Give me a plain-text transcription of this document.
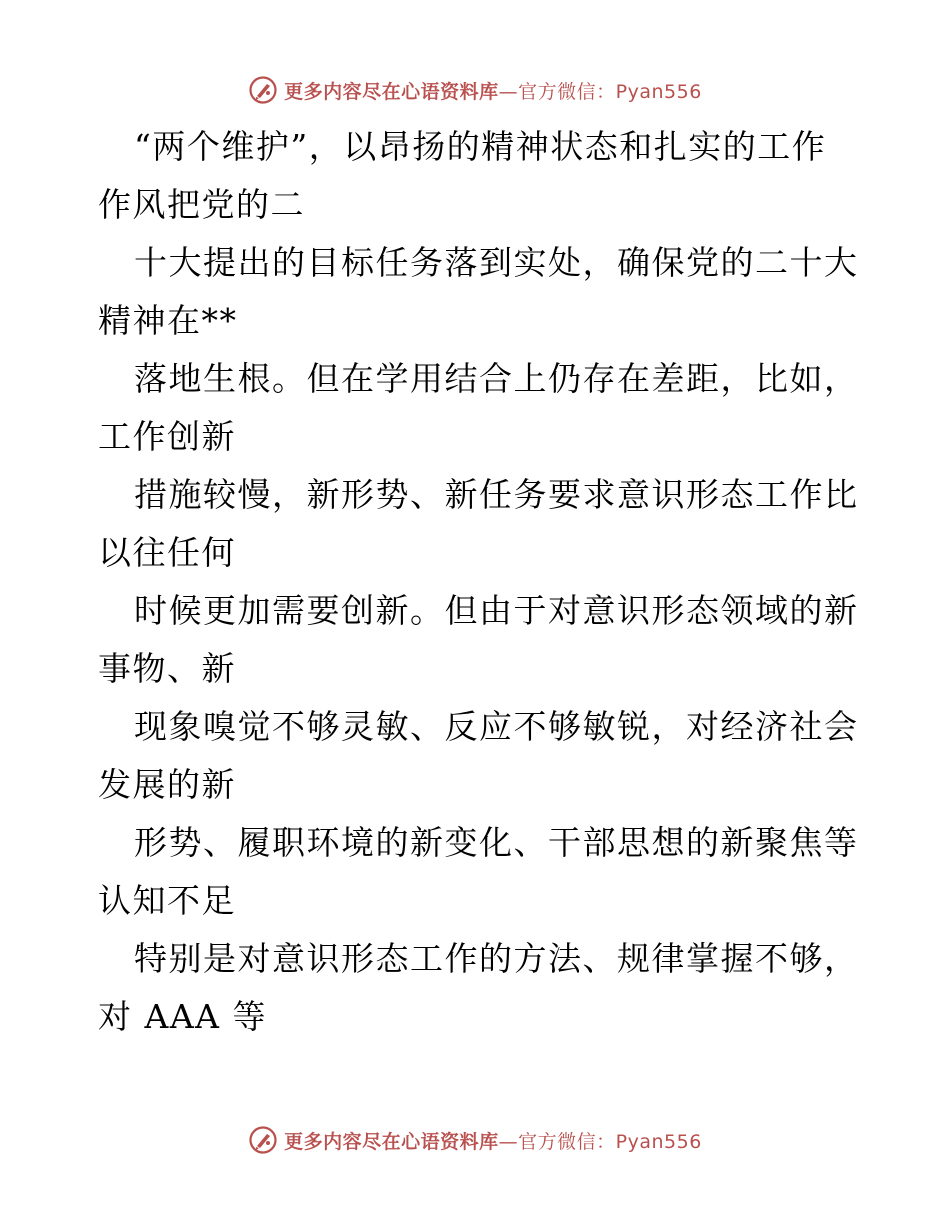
更多内容尽在心语资料库—官方微信：Pyan556
“两个维护”，以昂扬的精神状态和扎实的工作
作风把党的二
十大提出的目标任务落到实处，确保党的二十大
精神在**
落地生根。但在学用结合上仍存在差距，比如，
工作创新
措施较慢，新形势、新任务要求意识形态工作比
以往任何
时候更加需要创新。但由于对意识形态领域的新
事物、新
现象嗅觉不够灵敏、反应不够敏锐，对经济社会
发展的新
形势、履职环境的新变化、干部思想的新聚焦等
认知不足
特别是对意识形态工作的方法、规律掌握不够，
对 AAA 等
更多内容尽在心语资料库—官方微信：Pyan556
